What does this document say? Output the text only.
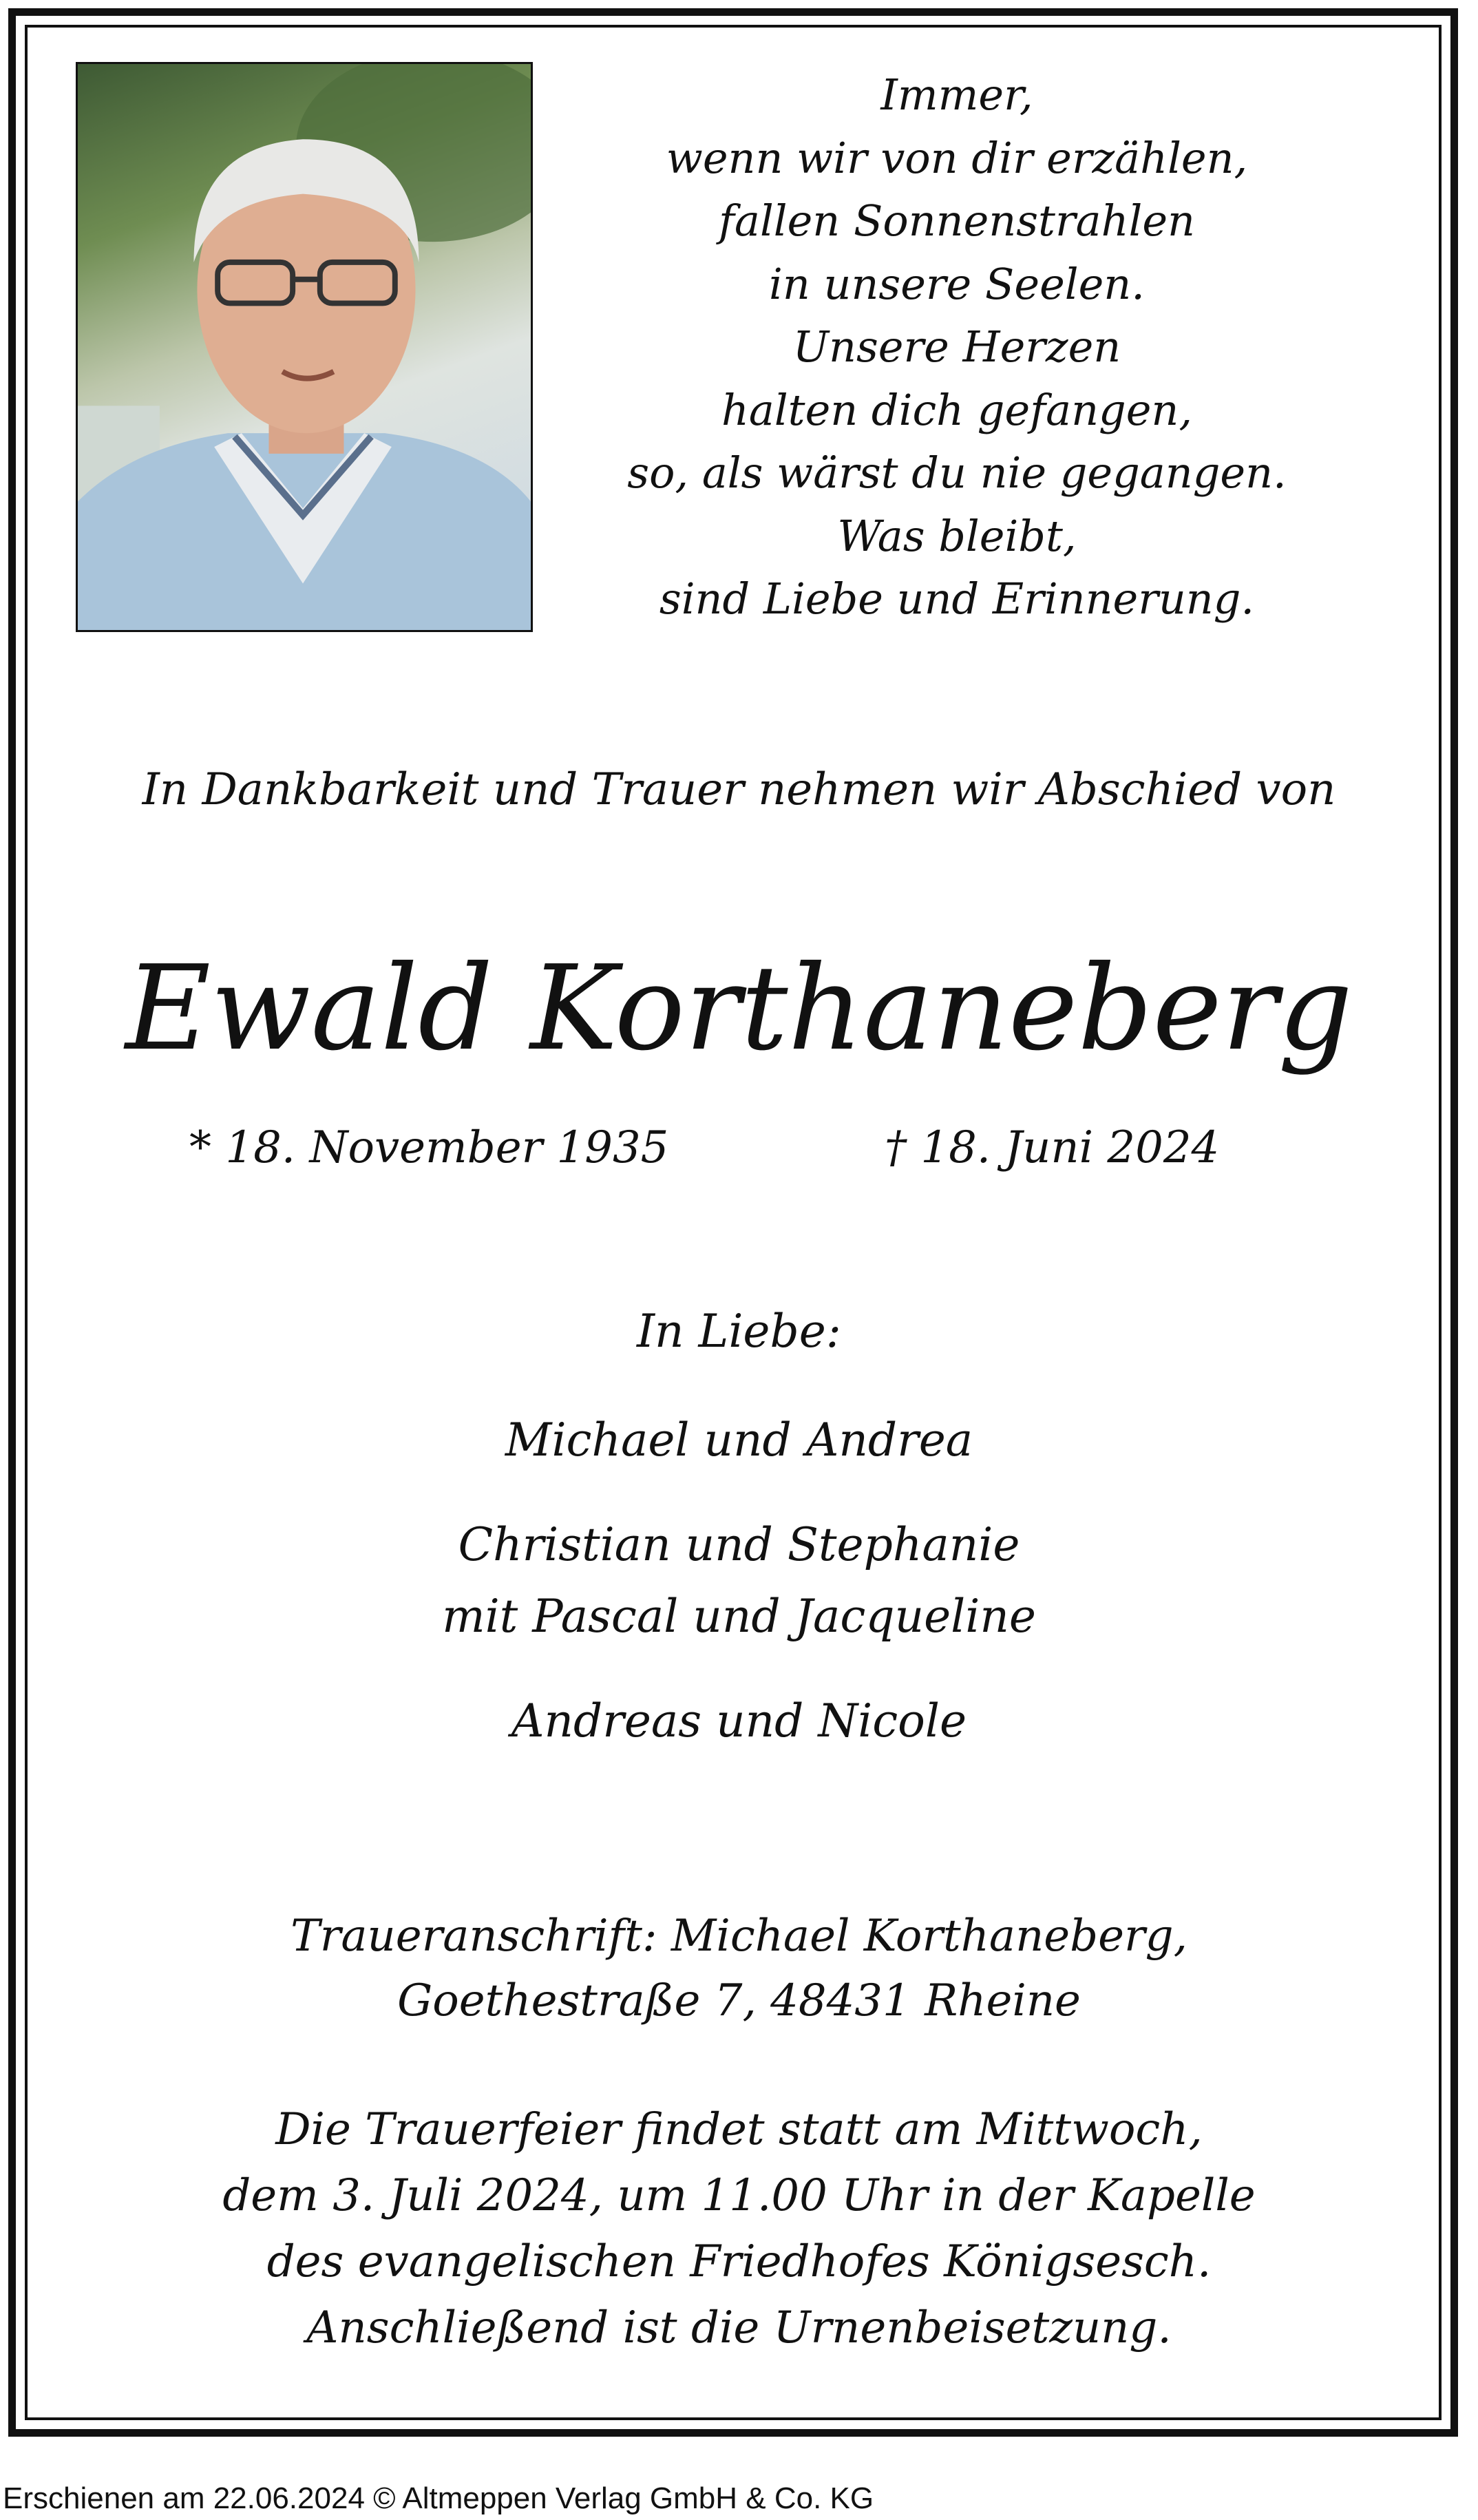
Immer,
wenn wir von dir erzählen,
fallen Sonnenstrahlen
in unsere Seelen.
Unsere Herzen
halten dich gefangen,
so, als wärst du nie gegangen.
Was bleibt,
sind Liebe und Erinnerung.
In Dankbarkeit und Trauer nehmen wir Abschied von
Ewald Korthaneberg
* 18. November 1935	† 18. Juni 2024
In Liebe:
Michael und Andrea
Christian und Stephanie
mit Pascal und Jacqueline
Andreas und Nicole
Traueranschrift: Michael Korthaneberg,
Goethestraße 7, 48431 Rheine
Die Trauerfeier findet statt am Mittwoch,
dem 3. Juli 2024, um 11.00 Uhr in der Kapelle
des evangelischen Friedhofes Königsesch.
Anschließend ist die Urnenbeisetzung.
Erschienen am 22.06.2024 © Altmeppen Verlag GmbH & Co. KG
